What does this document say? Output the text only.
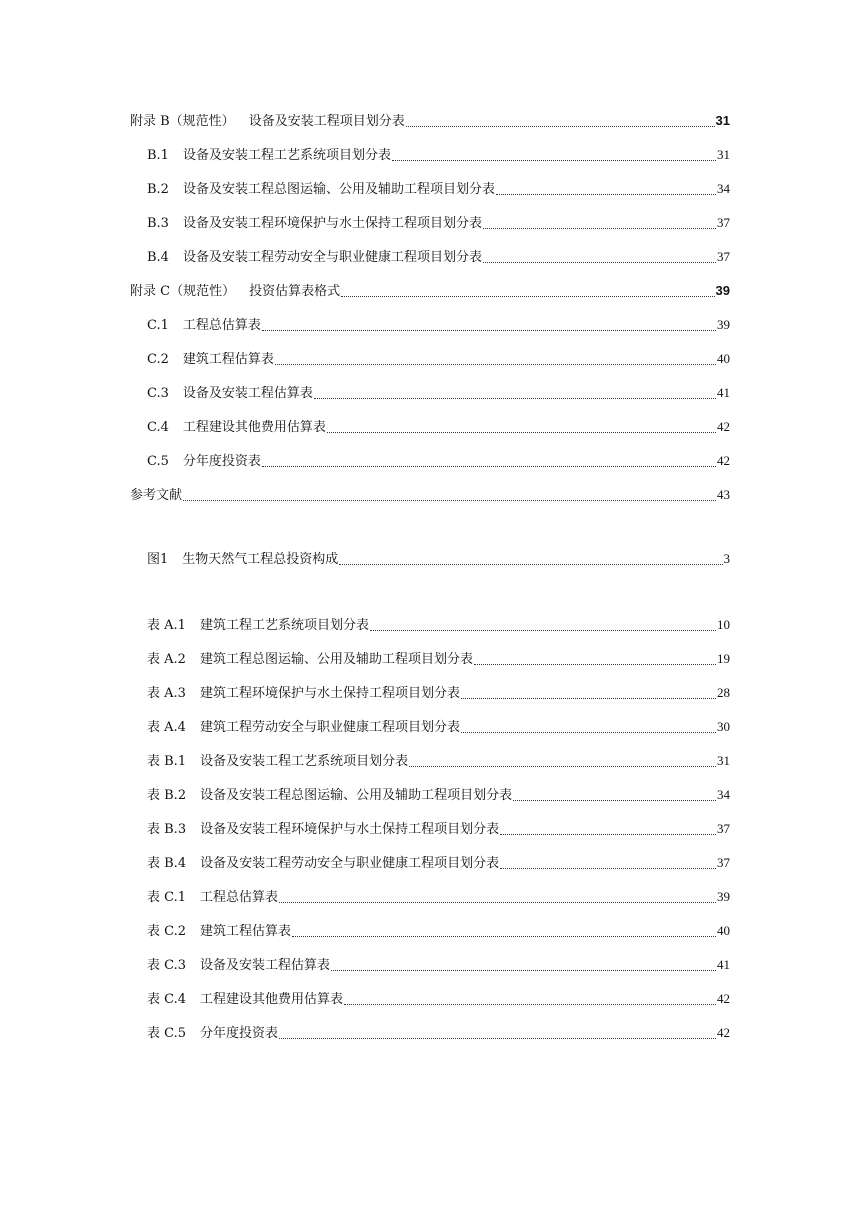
附录 B（规范性） 设备及安装工程项目划分表	31
B.1 设备及安装工程工艺系统项目划分表	31
B.2 设备及安装工程总图运输、公用及辅助工程项目划分表	34
B.3 设备及安装工程环境保护与水土保持工程项目划分表	37
B.4 设备及安装工程劳动安全与职业健康工程项目划分表	37
附录 C（规范性） 投资估算表格式	39
C.1 工程总估算表	39
C.2 建筑工程估算表	40
C.3 设备及安装工程估算表	41
C.4 工程建设其他费用估算表	42
C.5 分年度投资表	42
参考文献	43
图1 生物天然气工程总投资构成	3
表 A.1 建筑工程工艺系统项目划分表	10
表 A.2 建筑工程总图运输、公用及辅助工程项目划分表	19
表 A.3 建筑工程环境保护与水土保持工程项目划分表	28
表 A.4 建筑工程劳动安全与职业健康工程项目划分表	30
表 B.1 设备及安装工程工艺系统项目划分表	31
表 B.2 设备及安装工程总图运输、公用及辅助工程项目划分表	34
表 B.3 设备及安装工程环境保护与水土保持工程项目划分表	37
表 B.4 设备及安装工程劳动安全与职业健康工程项目划分表	37
表 C.1 工程总估算表	39
表 C.2 建筑工程估算表	40
表 C.3 设备及安装工程估算表	41
表 C.4 工程建设其他费用估算表	42
表 C.5 分年度投资表	42
